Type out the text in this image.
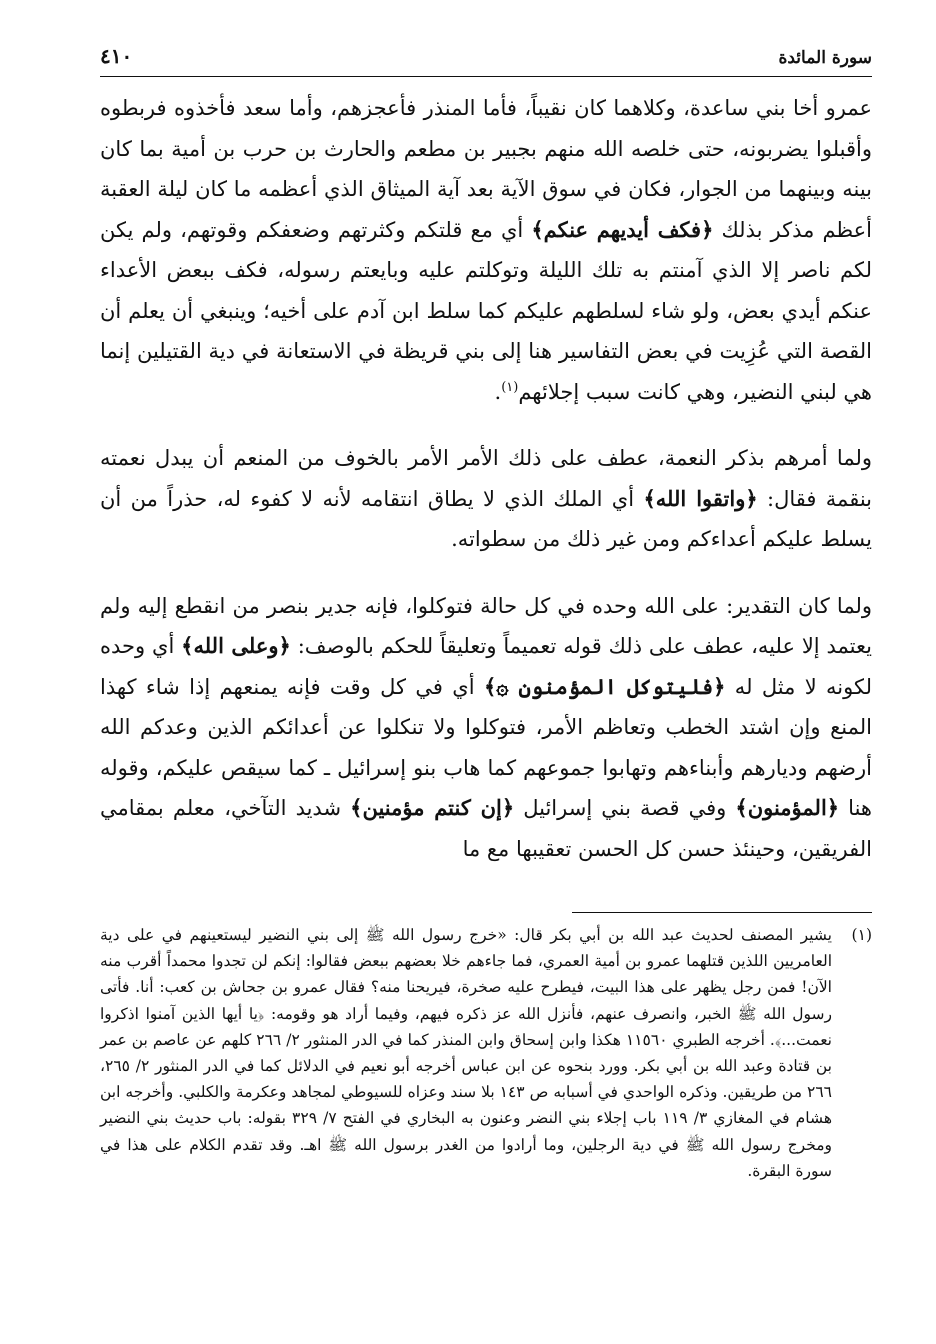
سورة المائدة
٤١٠

عمرو أخا بني ساعدة، وكلاهما كان نقيباً، فأما المنذر فأعجزهم، وأما سعد فأخذوه فربطوه وأقبلوا يضربونه، حتى خلصه الله منهم بجبير بن مطعم والحارث بن حرب بن أمية بما كان بينه وبينهما من الجوار، فكان في سوق الآية بعد آية الميثاق الذي أعظمه ما كان ليلة العقبة أعظم مذكر بذلك ﴿فكف أيديهم عنكم﴾ أي مع قلتكم وكثرتهم وضعفكم وقوتهم، ولم يكن لكم ناصر إلا الذي آمنتم به تلك الليلة وتوكلتم عليه وبايعتم رسوله، فكف ببعض الأعداء عنكم أيدي بعض، ولو شاء لسلطهم عليكم كما سلط ابن آدم على أخيه؛ وينبغي أن يعلم أن القصة التي عُزِيت في بعض التفاسير هنا إلى بني قريظة في الاستعانة في دية القتيلين إنما هي لبني النضير، وهي كانت سبب إجلائهم$^{(١)}$.

ولما أمرهم بذكر النعمة، عطف على ذلك الأمر الأمر بالخوف من المنعم أن يبدل نعمته بنقمة فقال: ﴿واتقوا الله﴾ أي الملك الذي لا يطاق انتقامه لأنه لا كفوء له، حذراً من أن يسلط عليكم أعداءكم ومن غير ذلك من سطواته.

ولما كان التقدير: على الله وحده في كل حالة فتوكلوا، فإنه جدير بنصر من انقطع إليه ولم يعتمد إلا عليه، عطف على ذلك قوله تعميماً وتعليقاً للحكم بالوصف: ﴿وعلى الله﴾ أي وحده لكونه لا مثل له ﴿فليتوكل المؤمنون ۞﴾ أي في كل وقت فإنه يمنعهم إذا شاء كهذا المنع وإن اشتد الخطب وتعاظم الأمر، فتوكلوا ولا تنكلوا عن أعدائكم الذين وعدكم الله أرضهم وديارهم وأبناءهم وتهابوا جموعهم كما هاب بنو إسرائيل ـ كما سيقص عليكم، وقوله هنا ﴿المؤمنون﴾ وفي قصة بني إسرائيل ﴿إن كنتم مؤمنين﴾ شديد التآخي، معلم بمقامي الفريقين، وحينئذ حسن كل الحسن تعقيبها مع ما

(١)

يشير المصنف لحديث عبد الله بن أبي بكر قال: «خرج رسول الله ﷺ إلى بني النضير ليستعينهم في على دية العامريين اللذين قتلهما عمرو بن أمية العمري، فما جاءهم خلا بعضهم ببعض فقالوا: إنكم لن تجدوا محمداً أقرب منه الآن! فمن رجل يظهر على هذا البيت، فيطرح عليه صخرة، فيريحنا منه؟ فقال عمرو بن جحاش بن كعب: أنا. فأتى رسول الله ﷺ الخبر، وانصرف عنهم، فأنزل الله عز ذكره فيهم، وفيما أراد هو وقومه: ﴿يا أيها الذين آمنوا اذكروا نعمت...﴾. أخرجه الطبري ١١٥٦٠ هكذا وابن إسحاق وابن المنذر كما في الدر المنثور ٢/ ٢٦٦ كلهم عن عاصم بن عمر بن قتادة وعبد الله بن أبي بكر. وورد بنحوه عن ابن عباس أخرجه أبو نعيم في الدلائل كما في الدر المنثور ٢/ ٢٦٥، ٢٦٦ من طريقين. وذكره الواحدي في أسبابه ص ١٤٣ بلا سند وعزاه للسيوطي لمجاهد وعكرمة والكلبي. وأخرجه ابن هشام في المغازي ٣/ ١١٩ باب إجلاء بني النضر وعنون به البخاري في الفتح ٧/ ٣٢٩ بقوله: باب حديث بني النضير ومخرج رسول الله ﷺ في دية الرجلين، وما أرادوا من الغدر برسول الله ﷺ اهـ. وقد تقدم الكلام على هذا في سورة البقرة.
